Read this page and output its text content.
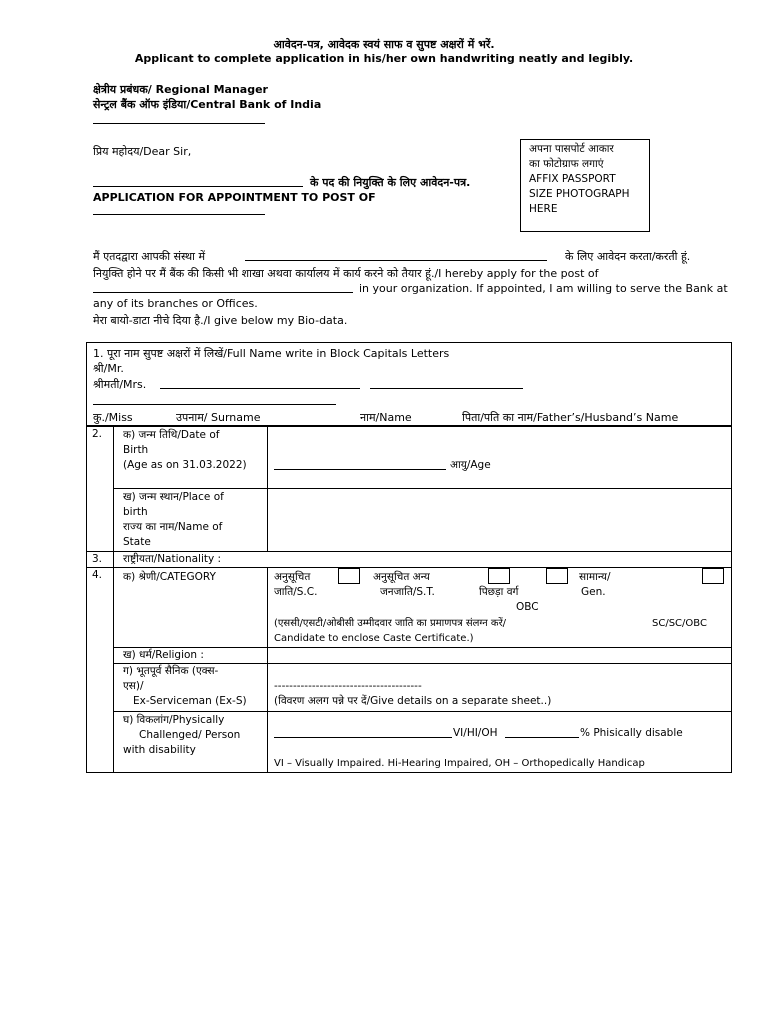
आवेदन-पत्र, आवेदक स्वयं साफ व सुपष्ट अक्षरों में भरें.
Applicant to complete application in his/her own handwriting neatly and legibly.
क्षेत्रीय प्रबंधक/ Regional Manager
सेन्ट्रल बैंक ऑफ इंडिया/Central Bank of India
प्रिय महोदय/Dear Sir,
के पद की नियुक्ति के लिए आवेदन-पत्र.
APPLICATION FOR APPOINTMENT TO POST OF
अपना पासपोर्ट आकार
का फोटोग्राफ लगाएं
AFFIX PASSPORT
SIZE PHOTOGRAPH
HERE
मैं एतदद्वारा आपकी संस्था में	के लिए आवेदन करता/करती हूं.
नियुक्ति होने पर मैं बैंक की किसी भी शाखा अथवा कार्यालय में कार्य करने को तैयार हूं./I hereby apply for the post of
in your organization. If appointed, I am willing to serve the Bank at
any of its branches or Offices.
मेरा बायो-डाटा नीचे दिया है./I give below my Bio-data.
1. पूरा नाम सुपष्ट अक्षरों में लिखें/Full Name write in Block Capitals Letters
श्री/Mr.
श्रीमती/Mrs.
कु./Miss	उपनाम/ Surname	नाम/Name	पिता/पति का नाम/Father’s/Husband’s Name
2. क) जन्म तिथि/Date of
Birth
(Age as on 31.03.2022)	आयु/Age
ख) जन्म स्थान/Place of
birth
राज्य का नाम/Name of
State
3. राष्ट्रीयता/Nationality :
4. क) श्रेणी/CATEGORY	अनुसूचित
जाति/S.C.
अनुसूचित अन्य
जनजाति/S.T.	पिछड़ा वर्ग
OBC
सामान्य/
Gen.
(एससी/एसटी/ओबीसी उम्मीदवार जाति का प्रमाणपत्र संलग्न करें/	SC/SC/OBC
Candidate to enclose Caste Certificate.)
ख) धर्म/Religion :
ग) भूतपूर्व सैनिक (एक्स-
एस)/
Ex-Serviceman (Ex-S)
---------------------------------------
(विवरण अलग पन्ने पर दें/Give details on a separate sheet..)
घ) विकलांग/Physically
Challenged/ Person
with disability
VI/HI/OH	% Phisically disable
VI – Visually Impaired. Hi-Hearing Impaired, OH – Orthopedically Handicap
